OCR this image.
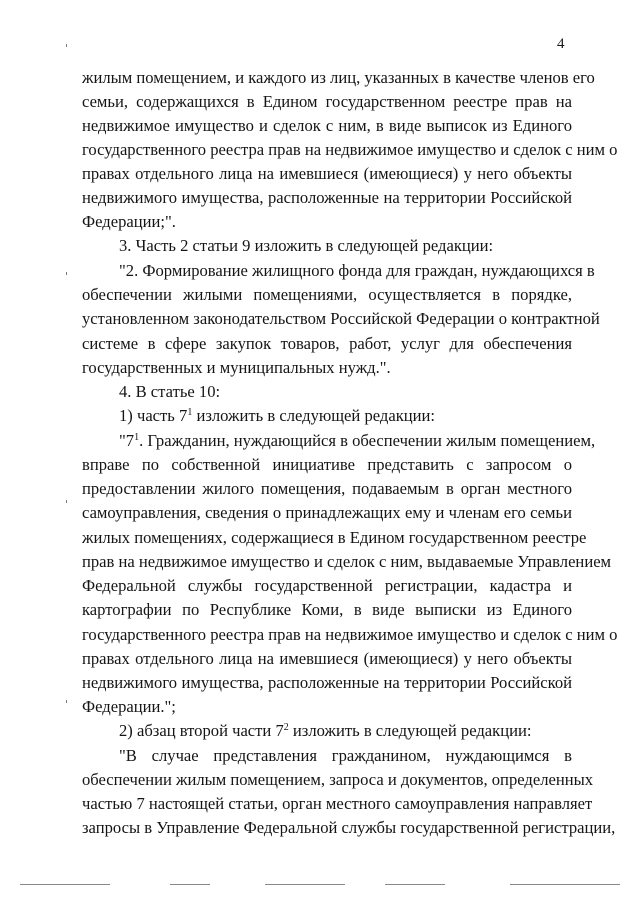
4
жилым помещением, и каждого из лиц, указанных в качестве членов его
семьи, содержащихся в Едином государственном реестре прав на
недвижимое имущество и сделок с ним, в виде выписок из Единого
государственного реестра прав на недвижимое имущество и сделок с ним о
правах отдельного лица на имевшиеся (имеющиеся) у него объекты
недвижимого имущества, расположенные на территории Российской
Федерации;".
3. Часть 2 статьи 9 изложить в следующей редакции:
"2. Формирование жилищного фонда для граждан, нуждающихся в
обеспечении жилыми помещениями, осуществляется в порядке,
установленном законодательством Российской Федерации о контрактной
системе в сфере закупок товаров, работ, услуг для обеспечения
государственных и муниципальных нужд.".
4. В статье 10:
1) часть $7^1$ изложить в следующей редакции:
"$7^1$. Гражданин, нуждающийся в обеспечении жилым помещением,
вправе по собственной инициативе представить с запросом о
предоставлении жилого помещения, подаваемым в орган местного
самоуправления, сведения о принадлежащих ему и членам его семьи
жилых помещениях, содержащиеся в Едином государственном реестре
прав на недвижимое имущество и сделок с ним, выдаваемые Управлением
Федеральной службы государственной регистрации, кадастра и
картографии по Республике Коми, в виде выписки из Единого
государственного реестра прав на недвижимое имущество и сделок с ним о
правах отдельного лица на имевшиеся (имеющиеся) у него объекты
недвижимого имущества, расположенные на территории Российской
Федерации.";
2) абзац второй части $7^2$ изложить в следующей редакции:
"В случае представления гражданином, нуждающимся в
обеспечении жилым помещением, запроса и документов, определенных
частью 7 настоящей статьи, орган местного самоуправления направляет
запросы в Управление Федеральной службы государственной регистрации,
